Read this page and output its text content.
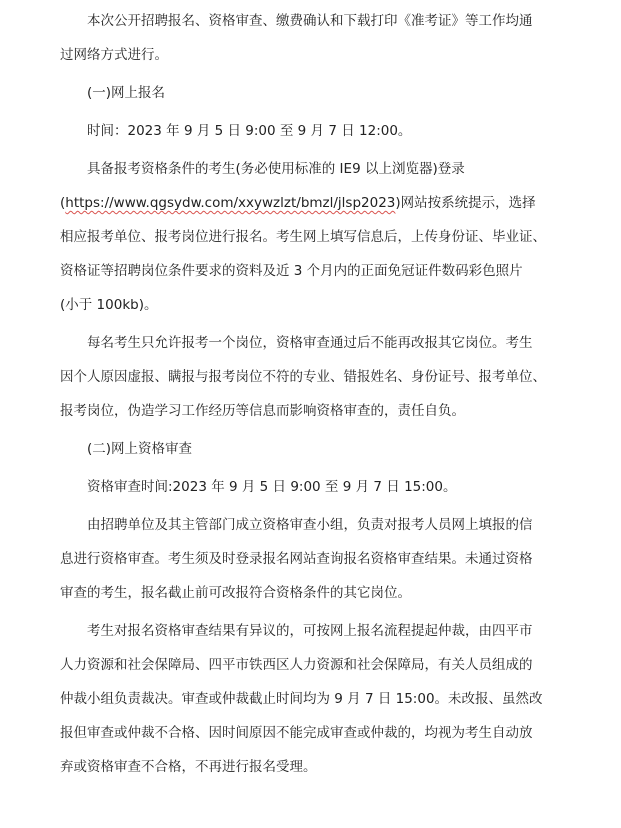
本次公开招聘报名、资格审查、缴费确认和下载打印《准考证》等工作均通
过网络方式进行。
(一)网上报名
时间：2023 年 9 月 5 日 9:00 至 9 月 7 日 12:00。
具备报考资格条件的考生(务必使用标准的 IE9 以上浏览器)登录
(https://www.qgsydw.com/xxywzlzt/bmzl/jlsp2023)网站按系统提示，选择
相应报考单位、报考岗位进行报名。考生网上填写信息后，上传身份证、毕业证、
资格证等招聘岗位条件要求的资料及近 3 个月内的正面免冠证件数码彩色照片
(小于 100kb)。
每名考生只允许报考一个岗位，资格审查通过后不能再改报其它岗位。考生
因个人原因虚报、瞒报与报考岗位不符的专业、错报姓名、身份证号、报考单位、
报考岗位，伪造学习工作经历等信息而影响资格审查的，责任自负。
(二)网上资格审查
资格审查时间:2023 年 9 月 5 日 9:00 至 9 月 7 日 15:00。
由招聘单位及其主管部门成立资格审查小组，负责对报考人员网上填报的信
息进行资格审查。考生须及时登录报名网站查询报名资格审查结果。未通过资格
审查的考生，报名截止前可改报符合资格条件的其它岗位。
考生对报名资格审查结果有异议的，可按网上报名流程提起仲裁，由四平市
人力资源和社会保障局、四平市铁西区人力资源和社会保障局，有关人员组成的
仲裁小组负责裁决。审查或仲裁截止时间均为 9 月 7 日 15:00。未改报、虽然改
报但审查或仲裁不合格、因时间原因不能完成审查或仲裁的，均视为考生自动放
弃或资格审查不合格，不再进行报名受理。
